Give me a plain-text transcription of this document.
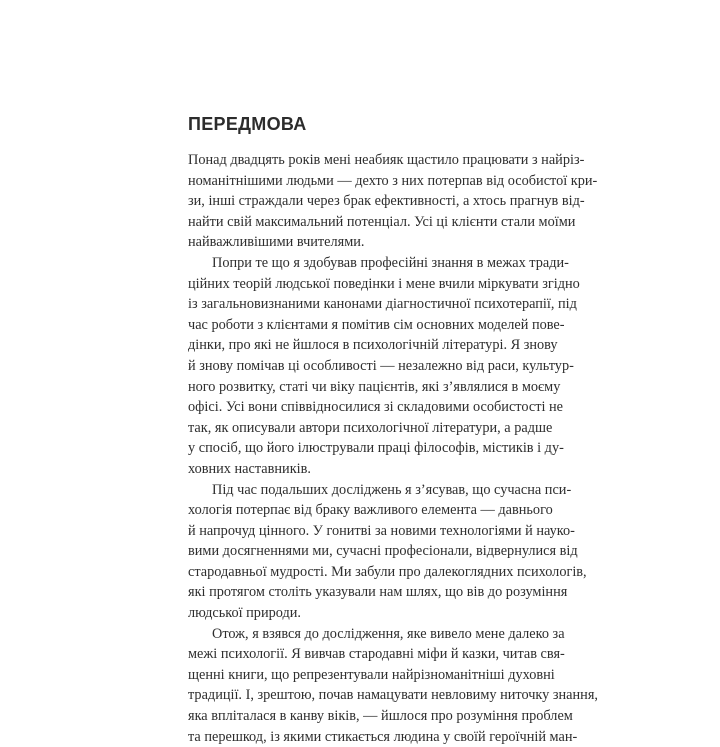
ПЕРЕДМОВА
Понад двадцять років мені неабияк щастило працювати з найріз-
номанітнішими людьми — дехто з них потерпав від особистої кри-
зи, інші страждали через брак ефективності, а хтось прагнув від-
найти свій максимальний потенціал. Усі ці клієнти стали моїми
найважливішими вчителями.
Попри те що я здобував професійні знання в межах тради-
ційних теорій людської поведінки і мене вчили міркувати згідно
із загальновизнаними канонами діагностичної психотерапії, під
час роботи з клієнтами я помітив сім основних моделей пове-
дінки, про які не йшлося в психологічній літературі. Я знову
й знову помічав ці особливості — незалежно від раси, культур-
ного розвитку, статі чи віку пацієнтів, які з’являлися в моєму
офісі. Усі вони співвідносилися зі складовими особистості не
так, як описували автори психологічної літератури, а радше
у спосіб, що його ілюстрували праці філософів, містиків і ду-
ховних наставників.
Під час подальших досліджень я з’ясував, що сучасна пси-
хологія потерпає від браку важливого елемента — давнього
й напрочуд цінного. У гонитві за новими технологіями й науко-
вими досягненнями ми, сучасні професіонали, відвернулися від
стародавньої мудрості. Ми забули про далекоглядних психологів,
які протягом століть указували нам шлях, що вів до розуміння
людської природи.
Отож, я взявся до дослідження, яке вивело мене далеко за
межі психології. Я вивчав стародавні міфи й казки, читав свя-
щенні книги, що репрезентували найрізноманітніші духовні
традиції. І, зрештою, почав намацувати невловиму ниточку знання,
яка впліталася в канву віків, — йшлося про розуміння проблем
та перешкод, із якими стикається людина у своїй героїчній ман-
